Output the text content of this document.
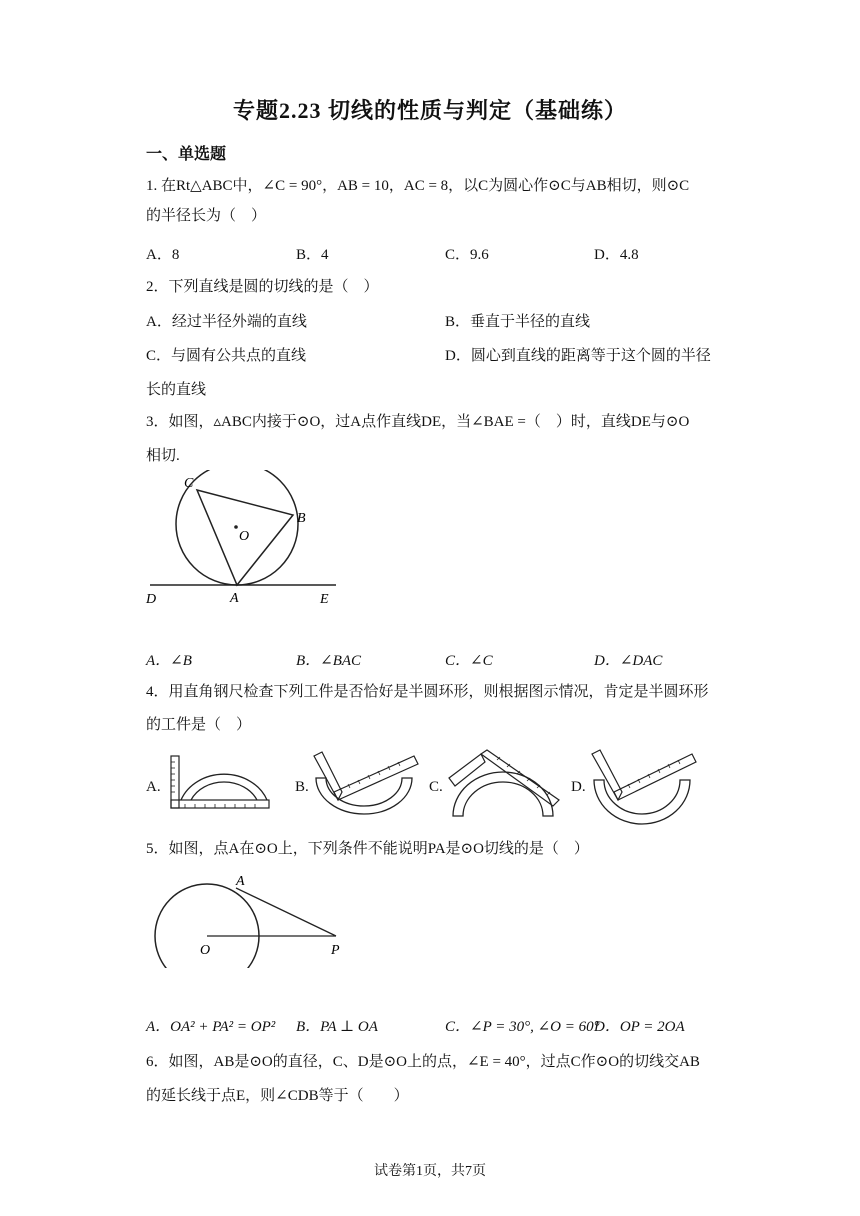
专题2.23 切线的性质与判定（基础练）
一、单选题
1. 在Rt△ABC中，∠C = 90°，AB = 10，AC = 8，以C为圆心作⊙C与AB相切，则⊙C
的半径长为（　）
A．8	B．4	C．9.6	D．4.8
2．下列直线是圆的切线的是（　）
A．经过半径外端的直线	B．垂直于半径的直线
C．与圆有公共点的直线	D．圆心到直线的距离等于这个圆的半径
长的直线
3．如图，▵ABC内接于⊙O，过A点作直线DE，当∠BAE =（　）时，直线DE与⊙O
相切.
C
B
O
A
D	E
A．∠B	B．∠BAC	C．∠C	D．∠DAC
4．用直角钢尺检查下列工件是否恰好是半圆环形，则根据图示情况，肯定是半圆环形
的工件是（　）
A.	B.	C.	D.
5．如图，点A在⊙O上，下列条件不能说明PA是⊙O切线的是（　）
A
O	P
A．OA² + PA² = OP² B．PA ⊥ OA	C．∠P = 30°, ∠O = 60°
D．OP = 2OA
6．如图，AB是⊙O的直径，C、D是⊙O上的点，∠E = 40°，过点C作⊙O的切线交AB
的延长线于点E，则∠CDB等于（　　）
试卷第1页，共7页
